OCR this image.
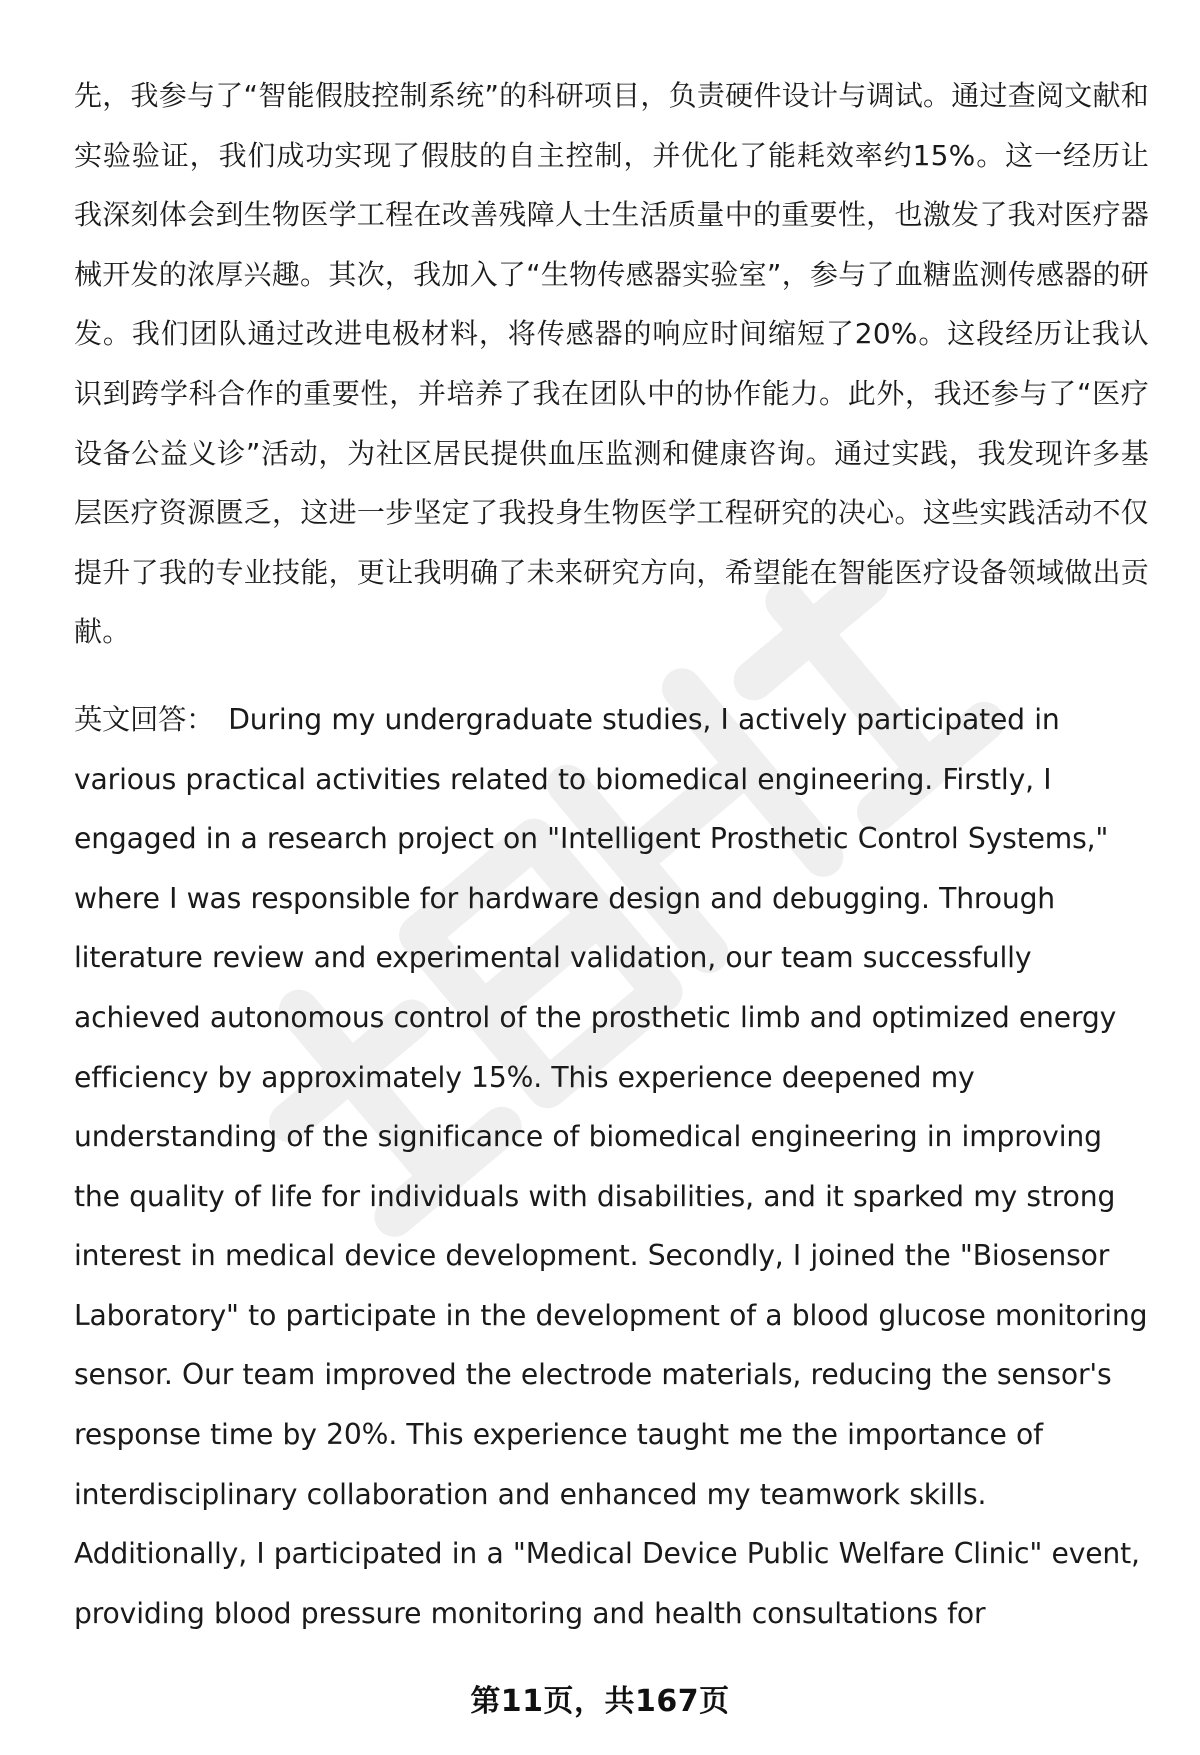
先，我参与了“智能假肢控制系统”的科研项目，负责硬件设计与调试。通过查阅文献和实验验证，我们成功实现了假肢的自主控制，并优化了能耗效率约15%。这一经历让我深刻体会到生物医学工程在改善残障人士生活质量中的重要性，也激发了我对医疗器械开发的浓厚兴趣。其次，我加入了“生物传感器实验室”，参与了血糖监测传感器的研发。我们团队通过改进电极材料，将传感器的响应时间缩短了20%。这段经历让我认识到跨学科合作的重要性，并培养了我在团队中的协作能力。此外，我还参与了“医疗设备公益义诊”活动，为社区居民提供血压监测和健康咨询。通过实践，我发现许多基层医疗资源匮乏，这进一步坚定了我投身生物医学工程研究的决心。这些实践活动不仅提升了我的专业技能，更让我明确了未来研究方向，希望能在智能医疗设备领域做出贡献。

英文回答： During my undergraduate studies, I actively participated in various practical activities related to biomedical engineering. Firstly, I engaged in a research project on "Intelligent Prosthetic Control Systems," where I was responsible for hardware design and debugging. Through literature review and experimental validation, our team successfully achieved autonomous control of the prosthetic limb and optimized energy efficiency by approximately 15%. This experience deepened my understanding of the significance of biomedical engineering in improving the quality of life for individuals with disabilities, and it sparked my strong interest in medical device development. Secondly, I joined the "Biosensor Laboratory" to participate in the development of a blood glucose monitoring sensor. Our team improved the electrode materials, reducing the sensor's response time by 20%. This experience taught me the importance of interdisciplinary collaboration and enhanced my teamwork skills. Additionally, I participated in a "Medical Device Public Welfare Clinic" event, providing blood pressure monitoring and health consultations for

第11页，共167页
